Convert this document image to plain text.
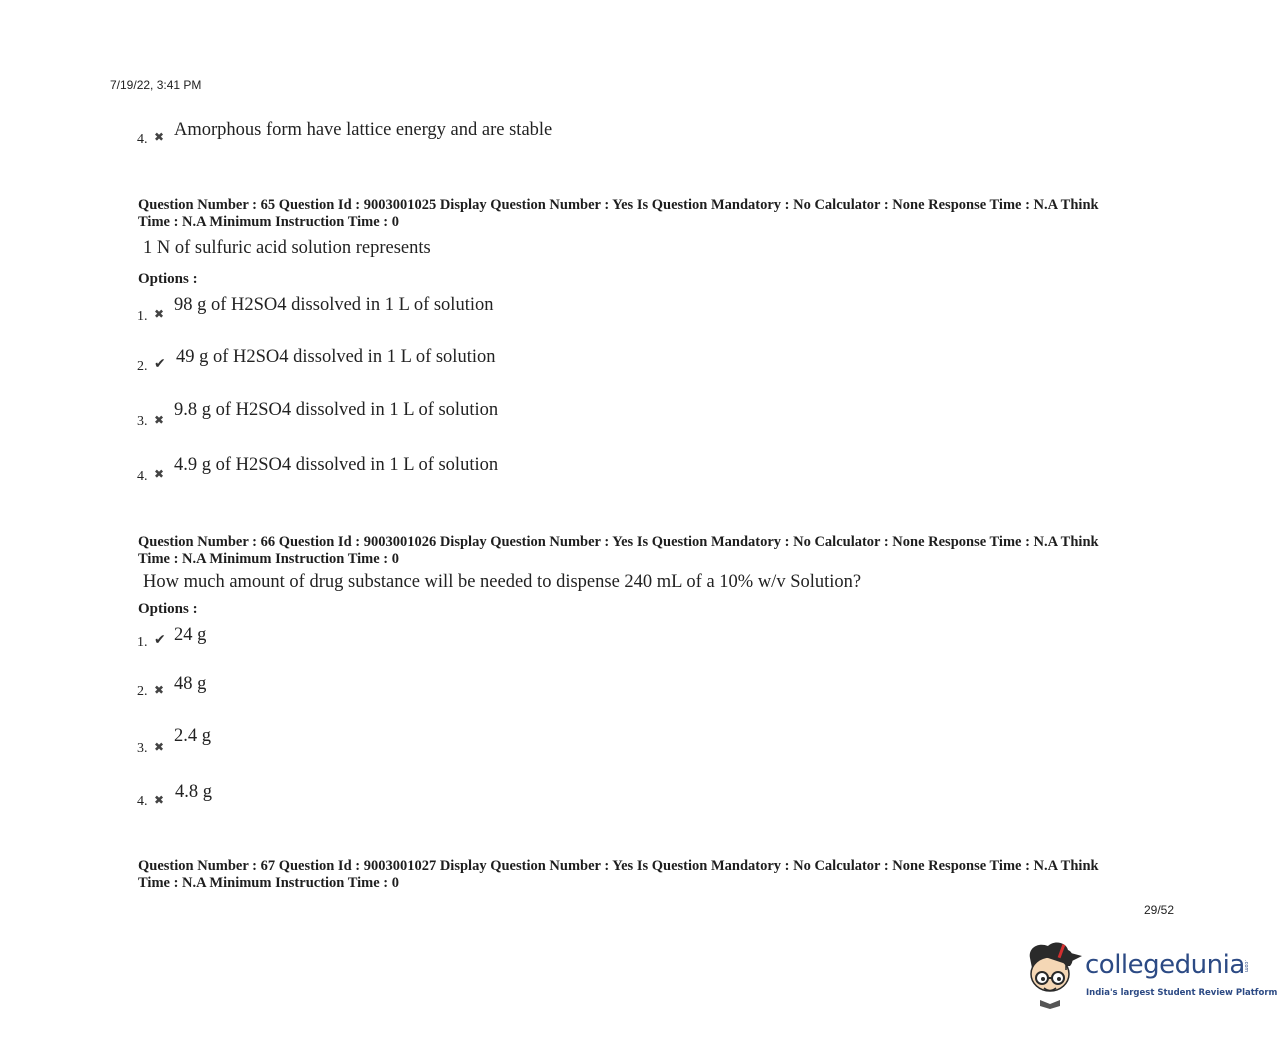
7/19/22, 3:41 PM
4. ✖ Amorphous form have lattice energy and are stable
Question Number : 65 Question Id : 9003001025 Display Question Number : Yes Is Question Mandatory : No Calculator : None Response Time : N.A Think
Time : N.A Minimum Instruction Time : 0
1 N of sulfuric acid solution represents
Options :
1. ✖ 98 g of H2SO4 dissolved in 1 L of solution
2. ✔ 49 g of H2SO4 dissolved in 1 L of solution
3. ✖ 9.8 g of H2SO4 dissolved in 1 L of solution
4. ✖ 4.9 g of H2SO4 dissolved in 1 L of solution
Question Number : 66 Question Id : 9003001026 Display Question Number : Yes Is Question Mandatory : No Calculator : None Response Time : N.A Think
Time : N.A Minimum Instruction Time : 0
How much amount of drug substance will be needed to dispense 240 mL of a 10% w/v Solution?
Options :
1. ✔ 24 g
2. ✖ 48 g
3. ✖
2.4 g
4. ✖ 4.8 g
Question Number : 67 Question Id : 9003001027 Display Question Number : Yes Is Question Mandatory : No Calculator : None Response Time : N.A Think
Time : N.A Minimum Instruction Time : 0
29/52
collegedunia
.com
India's largest Student Review Platform
